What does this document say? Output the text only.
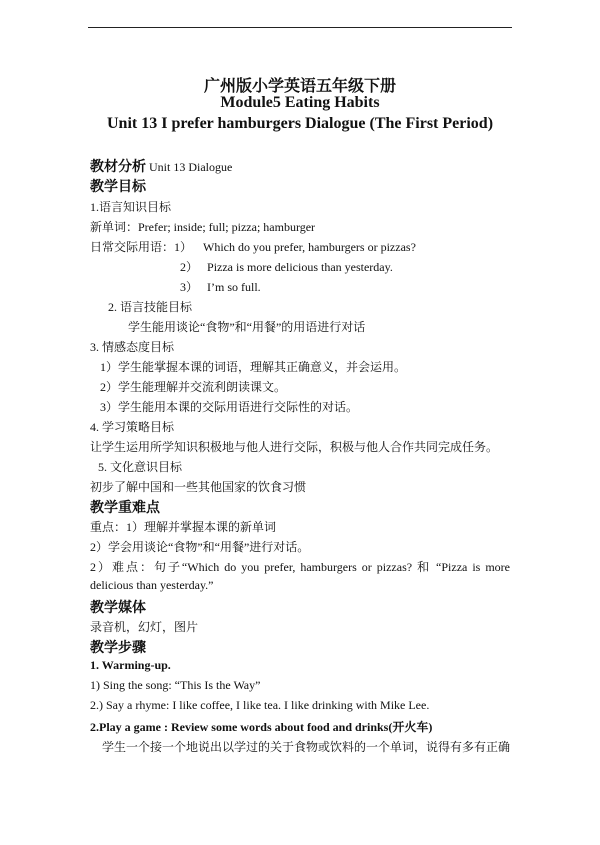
广州版小学英语五年级下册
Module5 Eating Habits
Unit 13 I prefer hamburgers Dialogue (The First Period)
教材分析 Unit 13 Dialogue
教学目标
1.语言知识目标
新单词：Prefer; inside; full; pizza; hamburger
日常交际用语：1） Which do you prefer, hamburgers or pizzas?
2） Pizza is more delicious than yesterday.
3） I’m so full.
2. 语言技能目标
学生能用谈论“食物”和“用餐”的用语进行对话
3. 情感态度目标
1）学生能掌握本课的词语，理解其正确意义，并会运用。
2）学生能理解并交流利朗读课文。
3）学生能用本课的交际用语进行交际性的对话。
4. 学习策略目标
让学生运用所学知识积极地与他人进行交际，积极与他人合作共同完成任务。
5. 文化意识目标
初步了解中国和一些其他国家的饮食习惯
教学重难点
重点：1）理解并掌握本课的新单词
2）学会用谈论“食物”和“用餐”进行对话。
2）难点：句子“Which do you prefer, hamburgers or pizzas? 和 “Pizza is more
delicious than yesterday.”
教学媒体
录音机，幻灯，图片
教学步骤
1. Warming-up.
1) Sing the song: “This Is the Way”
2.) Say a rhyme: I like coffee, I like tea. I like drinking with Mike Lee.
2.Play a game : Review some words about food and drinks(开火车)
学生一个接一个地说出以学过的关于食物或饮料的一个单词，说得有多有正确
